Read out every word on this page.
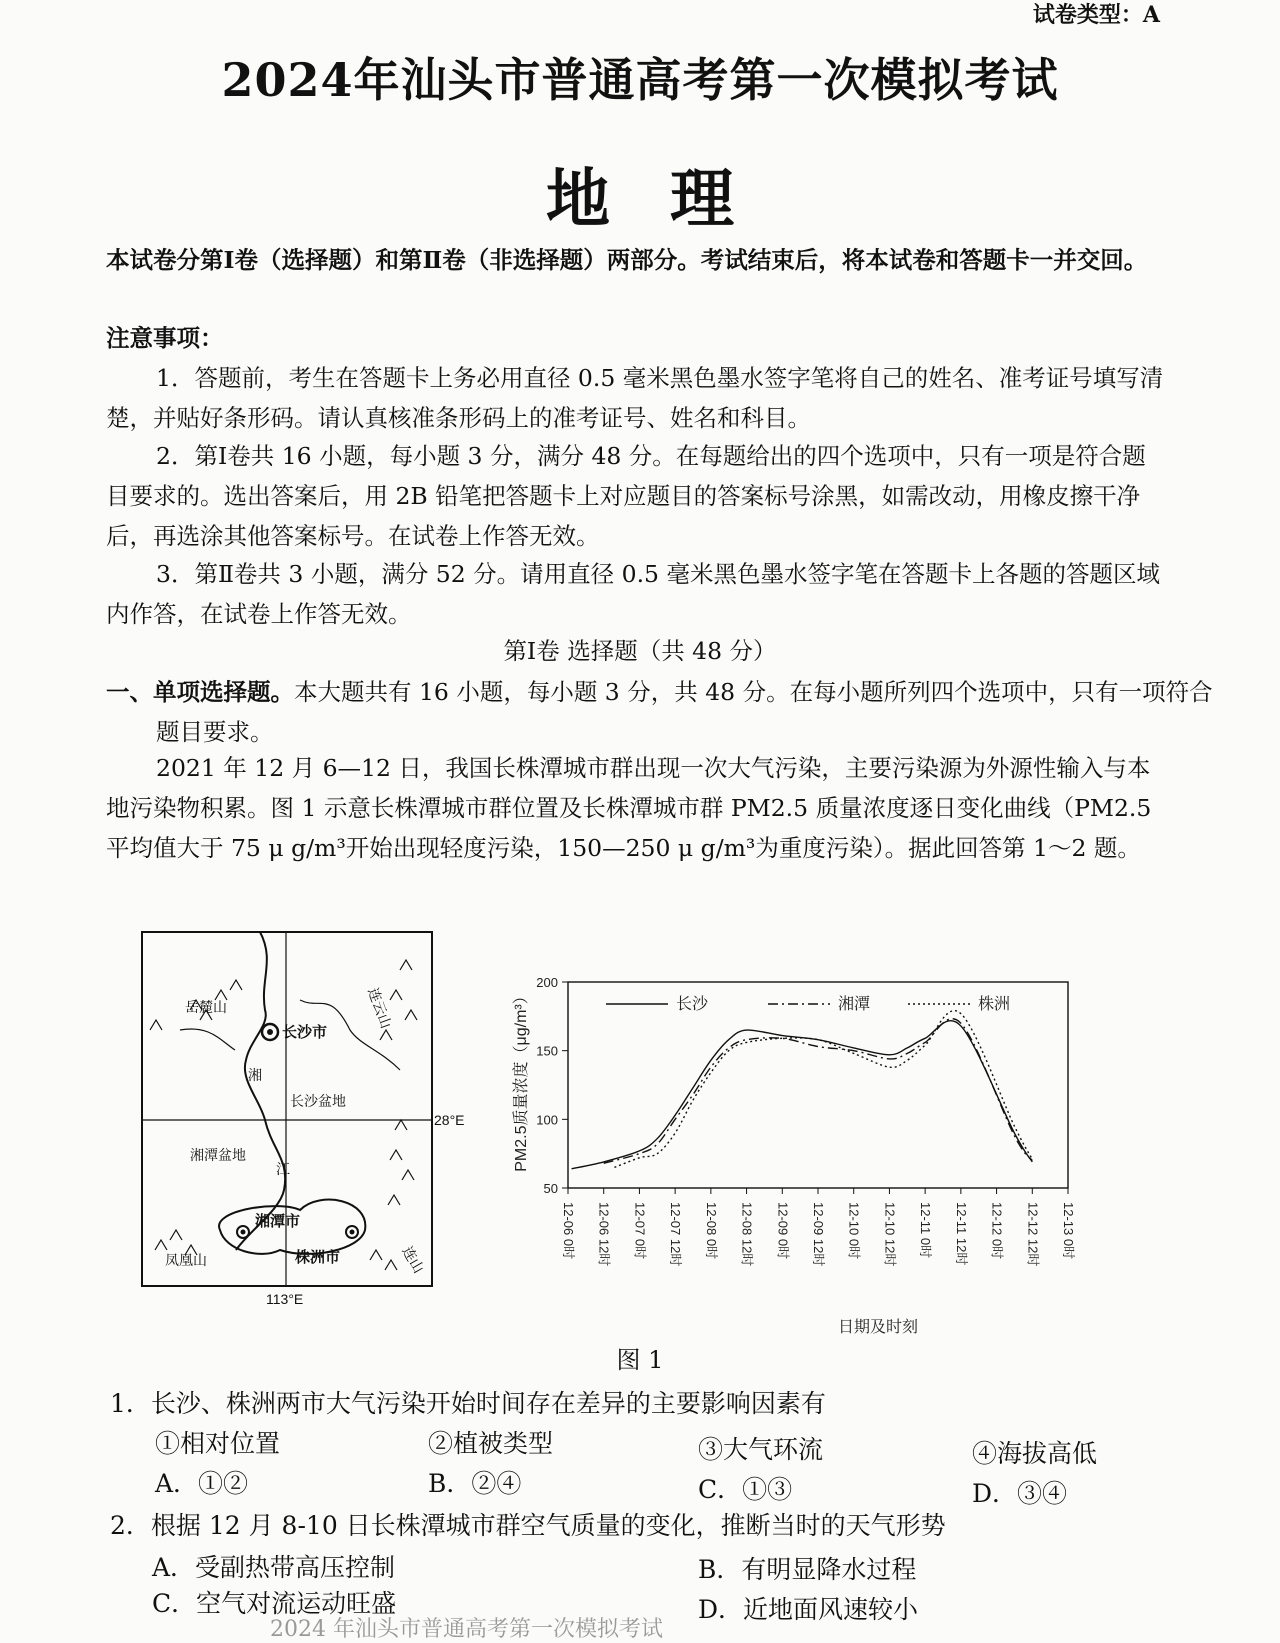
试卷类型：A
2024年汕头市普通高考第一次模拟考试
地理
本试卷分第Ⅰ卷（选择题）和第Ⅱ卷（非选择题）两部分。考试结束后，将本试卷和答题卡一并交回。
注意事项：
1．答题前，考生在答题卡上务必用直径 0.5 毫米黑色墨水签字笔将自己的姓名、准考证号填写清楚，并贴好条形码。请认真核准条形码上的准考证号、姓名和科目。
2．第Ⅰ卷共 16 小题，每小题 3 分，满分 48 分。在每题给出的四个选项中，只有一项是符合题目要求的。选出答案后，用 2B 铅笔把答题卡上对应题目的答案标号涂黑，如需改动，用橡皮擦干净后，再选涂其他答案标号。在试卷上作答无效。
3．第Ⅱ卷共 3 小题，满分 52 分。请用直径 0.5 毫米黑色墨水签字笔在答题卡上各题的答题区域内作答，在试卷上作答无效。
第Ⅰ卷 选择题（共 48 分）
一、单项选择题。本大题共有 16 小题，每小题 3 分，共 48 分。在每小题所列四个选项中，只有一项符合题目要求。
2021 年 12 月 6—12 日，我国长株潭城市群出现一次大气污染，主要污染源为外源性输入与本地污染物积累。图 1 示意长株潭城市群位置及长株潭城市群 PM2.5 质量浓度逐日变化曲线（PM2.5 平均值大于 75 μ g/m³开始出现轻度污染，150—250 μ g/m³为重度污染）。据此回答第 1～2 题。
长沙市
长沙盆地
湘潭盆地
湘潭市
株洲市
岳麓山	连云山
凤凰山	连山
湘
江
28°E
113°E
50
100
150
200
12-06 0时 12-06 12时 12-07 0时 12-07 12时 12-08 0时 12-08 12时 12-09 0时 12-09 12时 12-10 0时 12-10 12时 12-11 0时 12-11 12时 12-12 0时 12-12 12时 12-13 0时
长沙	湘潭	株洲
日期及时刻
PM2.5质量浓度（μg/m³）
图 1
1．长沙、株洲两市大气污染开始时间存在差异的主要影响因素有
①相对位置	②植被类型	③大气环流	④海拔高低
A．①②	B．②④	C．①③	D．③④
2．根据 12 月 8-10 日长株潭城市群空气质量的变化，推断当时的天气形势
A．受副热带高压控制	B．有明显降水过程
C．空气对流运动旺盛	D．近地面风速较小
2024 年汕头市普通高考第一次模拟考试
